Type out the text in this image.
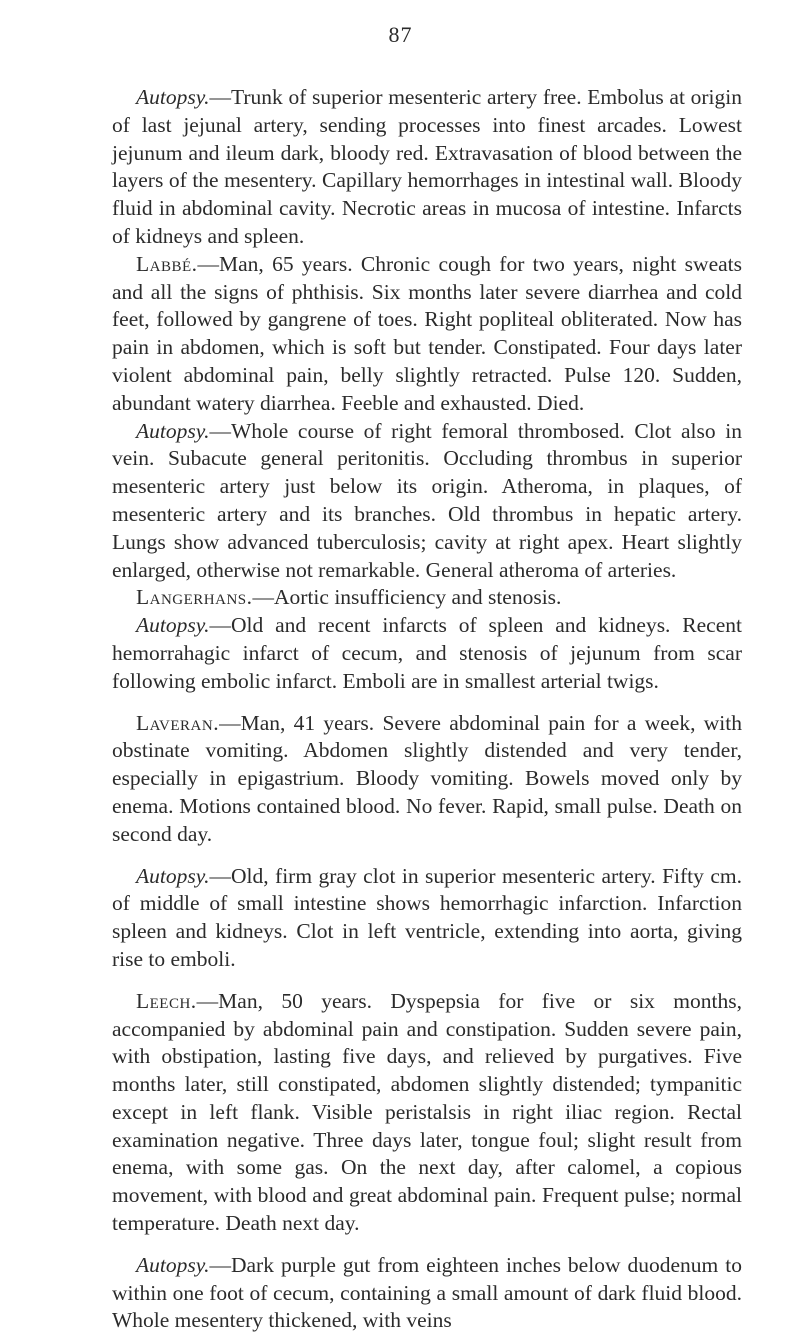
87

Autopsy.—Trunk of superior mesenteric artery free. Embolus at origin of last jejunal artery, sending processes into finest arcades. Lowest jejunum and ileum dark, bloody red. Extravasation of blood between the layers of the mesentery. Capillary hemorrhages in intestinal wall. Bloody fluid in abdominal cavity. Necrotic areas in mucosa of intestine. Infarcts of kidneys and spleen.

Labbé.—Man, 65 years. Chronic cough for two years, night sweats and all the signs of phthisis. Six months later severe diarrhea and cold feet, followed by gangrene of toes. Right popliteal obliterated. Now has pain in abdomen, which is soft but tender. Constipated. Four days later violent abdominal pain, belly slightly retracted. Pulse 120. Sudden, abundant watery diarrhea. Feeble and exhausted. Died.

Autopsy.—Whole course of right femoral thrombosed. Clot also in vein. Subacute general peritonitis. Occluding thrombus in superior mesenteric artery just below its origin. Atheroma, in plaques, of mesenteric artery and its branches. Old thrombus in hepatic artery. Lungs show advanced tuberculosis; cavity at right apex. Heart slightly enlarged, otherwise not remarkable. General atheroma of arteries.

Langerhans.—Aortic insufficiency and stenosis.

Autopsy.—Old and recent infarcts of spleen and kidneys. Recent hemorrahagic infarct of cecum, and stenosis of jejunum from scar following embolic infarct. Emboli are in smallest arterial twigs.

Laveran.—Man, 41 years. Severe abdominal pain for a week, with obstinate vomiting. Abdomen slightly distended and very tender, especially in epigastrium. Bloody vomiting. Bowels moved only by enema. Motions contained blood. No fever. Rapid, small pulse. Death on second day.

Autopsy.—Old, firm gray clot in superior mesenteric artery. Fifty cm. of middle of small intestine shows hemorrhagic infarction. Infarction spleen and kidneys. Clot in left ventricle, extending into aorta, giving rise to emboli.

Leech.—Man, 50 years. Dyspepsia for five or six months, accompanied by abdominal pain and constipation. Sudden severe pain, with obstipation, lasting five days, and relieved by purgatives. Five months later, still constipated, abdomen slightly distended; tympanitic except in left flank. Visible peristalsis in right iliac region. Rectal examination negative. Three days later, tongue foul; slight result from enema, with some gas. On the next day, after calomel, a copious movement, with blood and great abdominal pain. Frequent pulse; normal temperature. Death next day.

Autopsy.—Dark purple gut from eighteen inches below duodenum to within one foot of cecum, containing a small amount of dark fluid blood. Whole mesentery thickened, with veins
